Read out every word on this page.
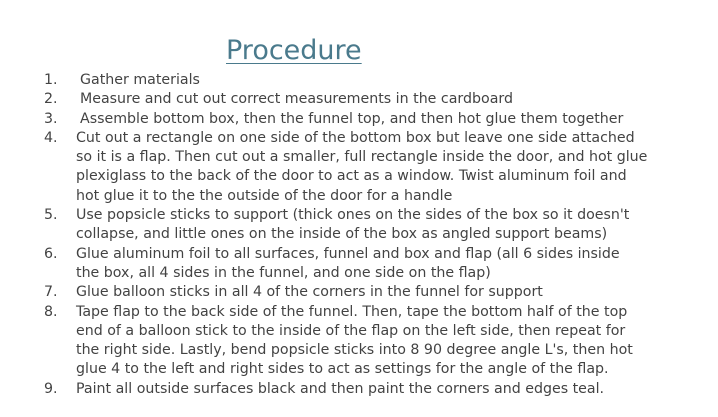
Procedure
1.	Gather materials
2.	Measure and cut out correct measurements in the cardboard
3.	Assemble bottom box, then the funnel top, and then hot glue them together
4.	Cut out a rectangle on one side of the bottom box but leave one side attached
so it is a flap. Then cut out a smaller, full rectangle inside the door, and hot glue
plexiglass to the back of the door to act as a window. Twist aluminum foil and
hot glue it to the the outside of the door for a handle
5.	Use popsicle sticks to support (thick ones on the sides of the box so it doesn't
collapse, and little ones on the inside of the box as angled support beams)
6.	Glue aluminum foil to all surfaces, funnel and box and flap (all 6 sides inside
the box, all 4 sides in the funnel, and one side on the flap)
7.	Glue balloon sticks in all 4 of the corners in the funnel for support
8.	Tape flap to the back side of the funnel. Then, tape the bottom half of the top
end of a balloon stick to the inside of the flap on the left side, then repeat for
the right side. Lastly, bend popsicle sticks into 8 90 degree angle L's, then hot
glue 4 to the left and right sides to act as settings for the angle of the flap.
9.	Paint all outside surfaces black and then paint the corners and edges teal.
